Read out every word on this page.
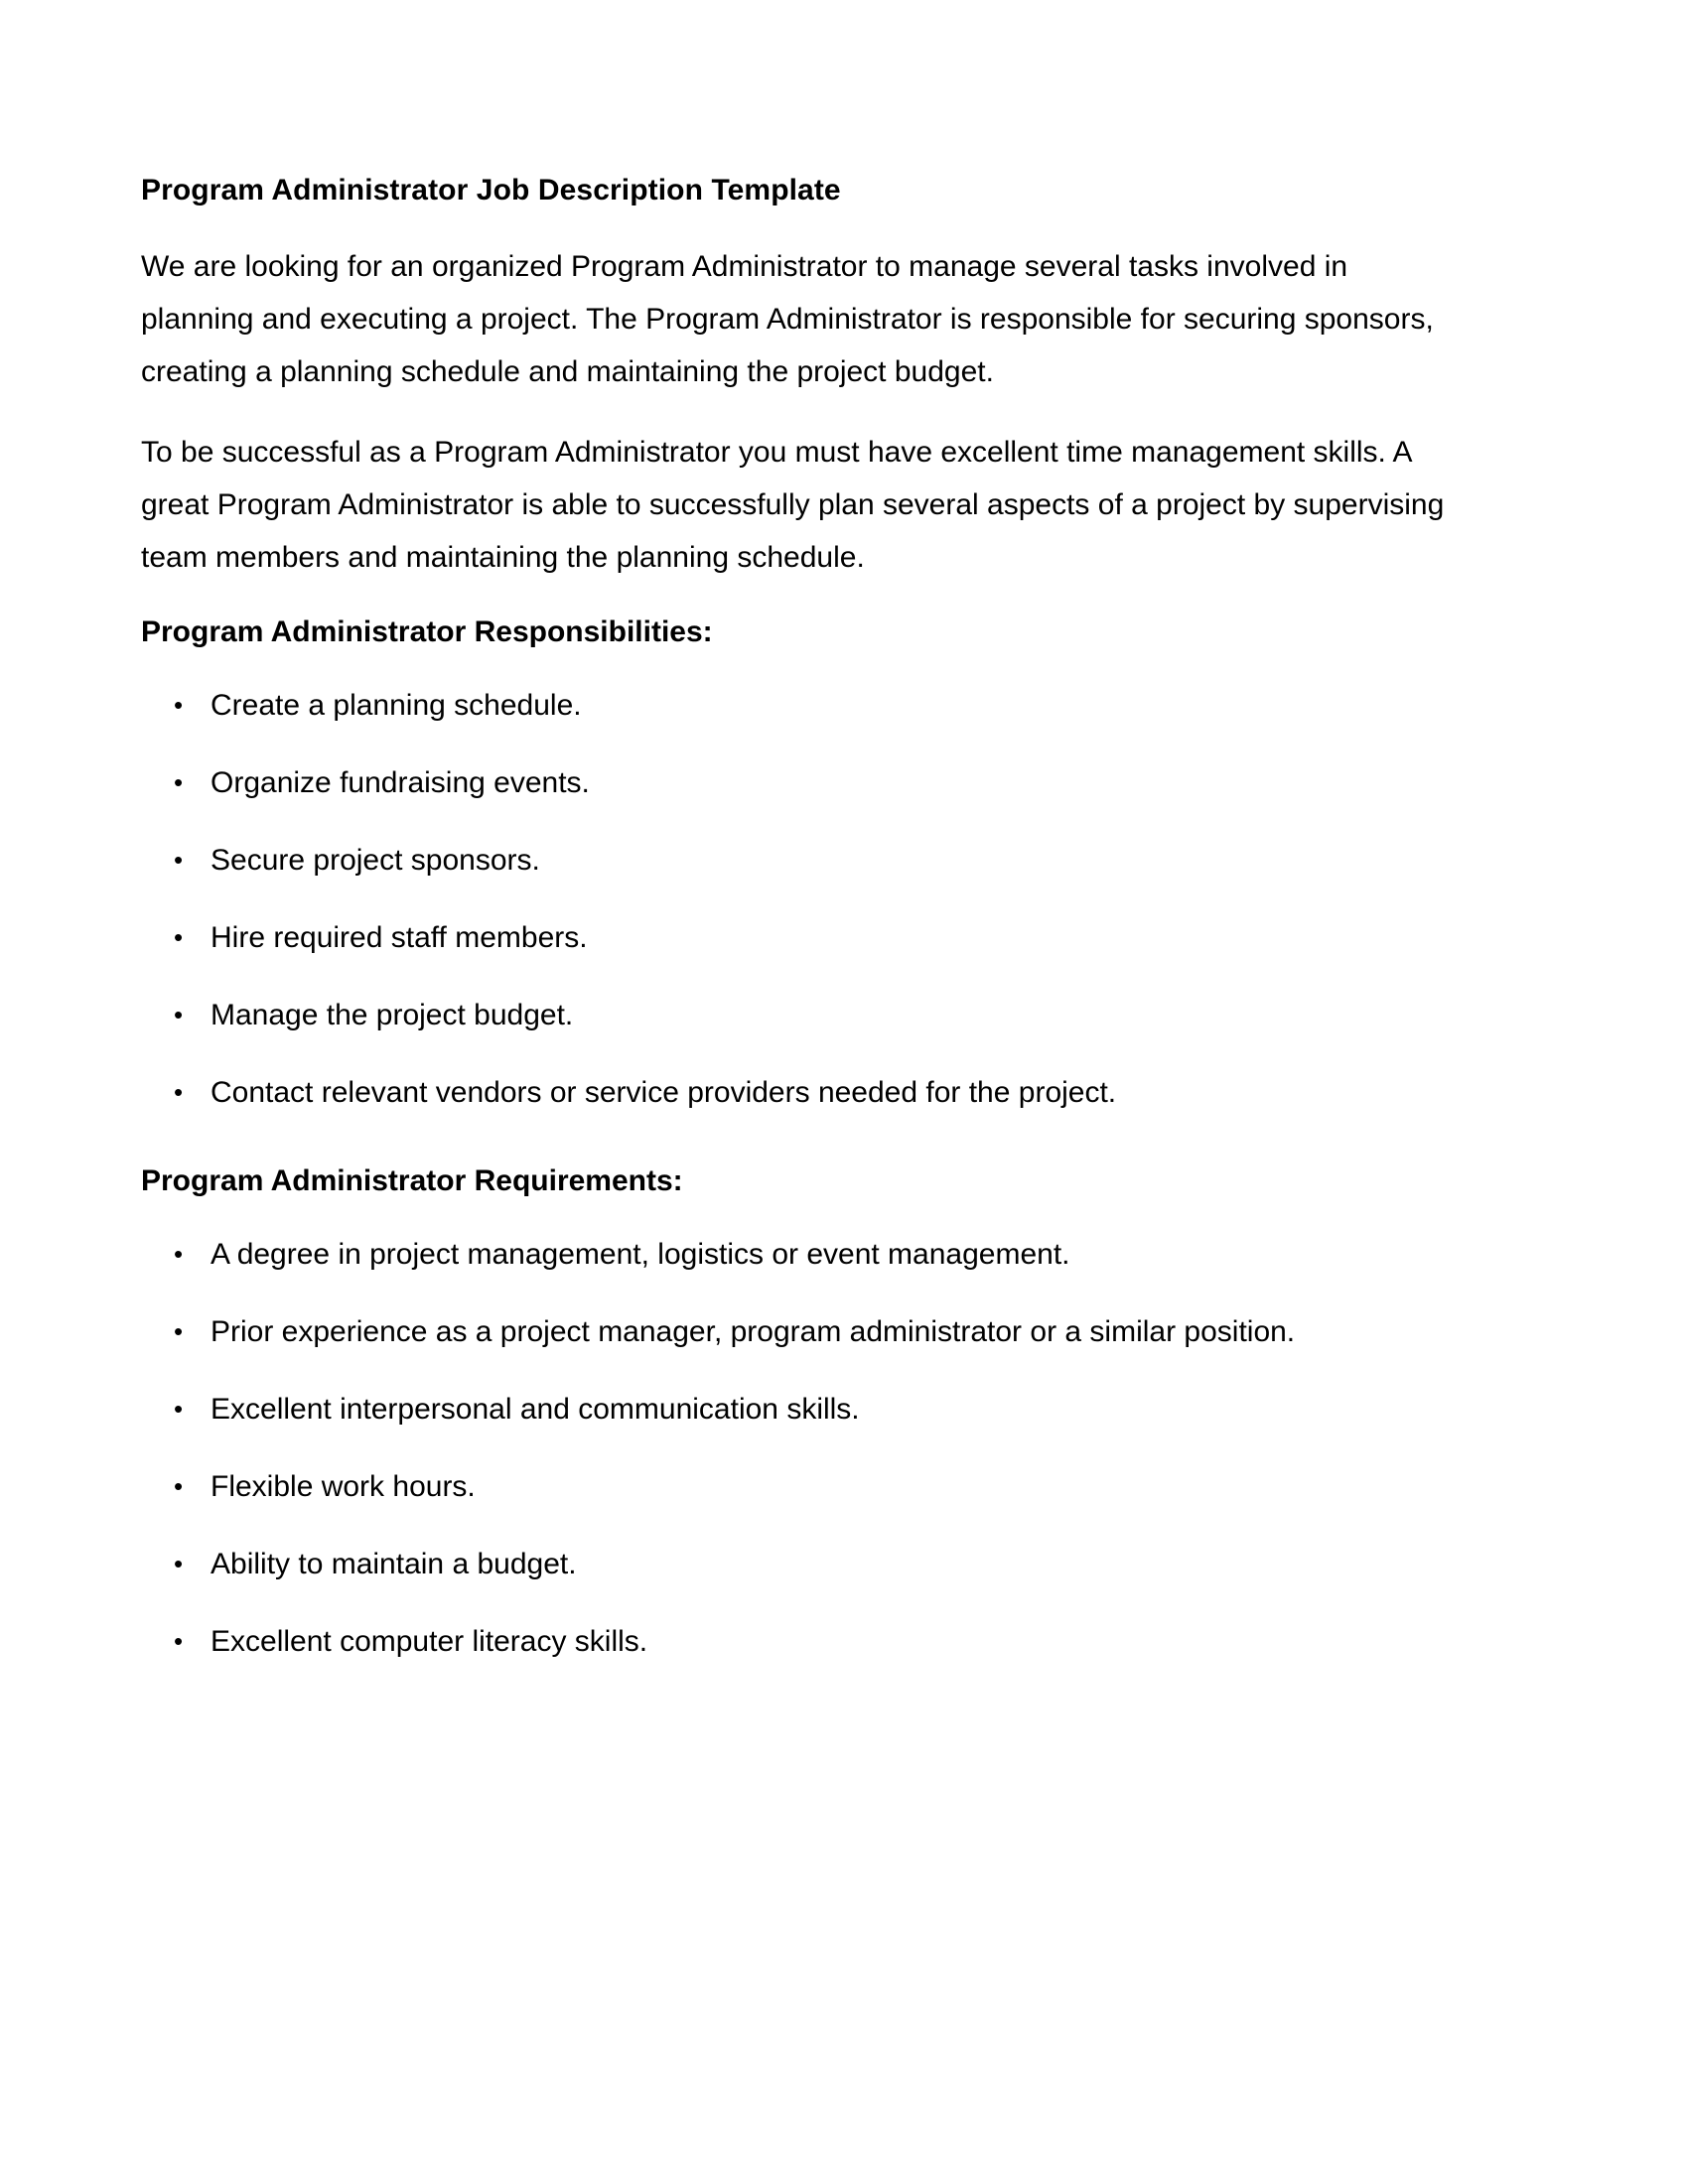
Program Administrator Job Description Template

We are looking for an organized Program Administrator to manage several tasks involved in planning and executing a project. The Program Administrator is responsible for securing sponsors, creating a planning schedule and maintaining the project budget.

To be successful as a Program Administrator you must have excellent time management skills. A great Program Administrator is able to successfully plan several aspects of a project by supervising team members and maintaining the planning schedule.

Program Administrator Responsibilities:
• Create a planning schedule.
• Organize fundraising events.
• Secure project sponsors.
• Hire required staff members.
• Manage the project budget.
• Contact relevant vendors or service providers needed for the project.
Program Administrator Requirements:
• A degree in project management, logistics or event management.
• Prior experience as a project manager, program administrator or a similar position.
• Excellent interpersonal and communication skills.
• Flexible work hours.
• Ability to maintain a budget.
• Excellent computer literacy skills.
